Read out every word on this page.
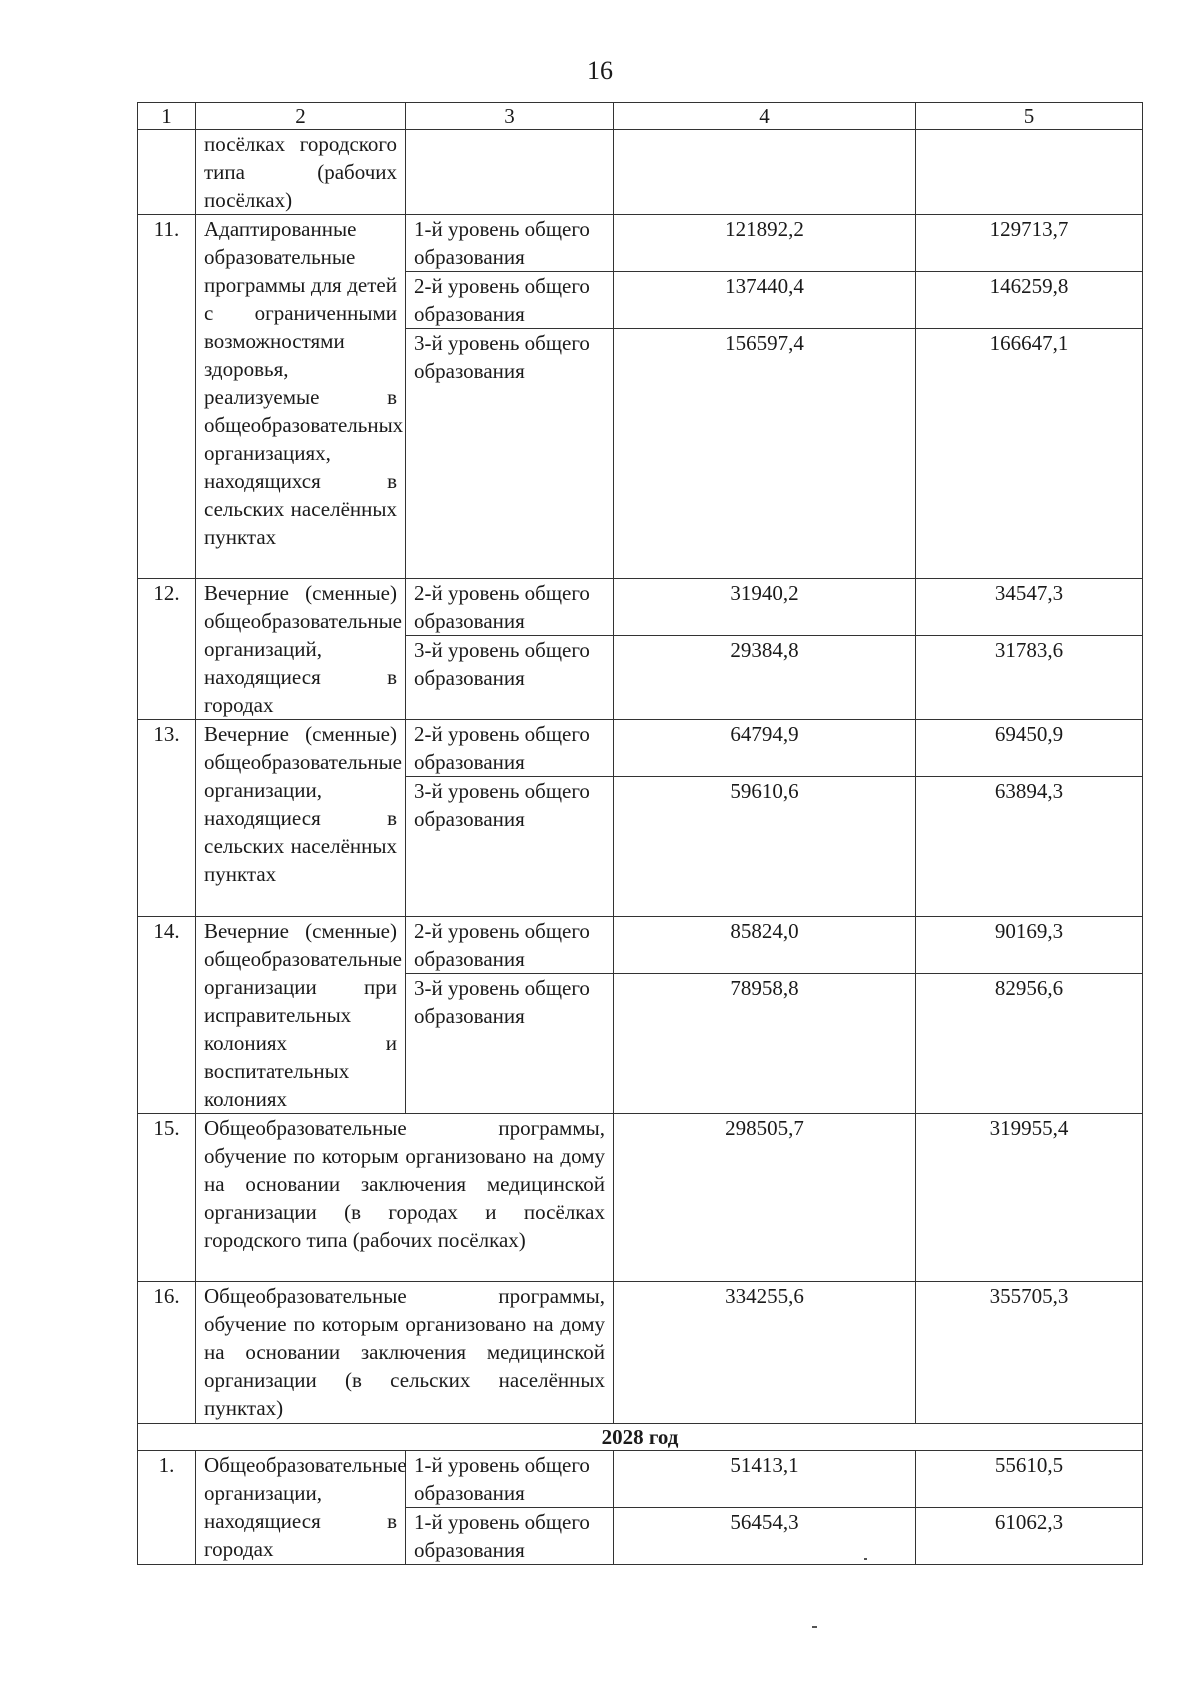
16
1	2	3	4	5
	посёлках городского типа (рабочих посёлках)			
11.	Адаптированные образовательные программы для детей с ограниченными возможностями здоровья, реализуемые в общеобразовательных организациях, находящихся в сельских населённых пунктах	1-й уровень общего образования	121892,2	129713,7
		2-й уровень общего образования	137440,4	146259,8
		3-й уровень общего образования	156597,4	166647,1
12.	Вечерние (сменные) общеобразовательные организаций, находящиеся в городах	2-й уровень общего образования	31940,2	34547,3
		3-й уровень общего образования	29384,8	31783,6
13.	Вечерние (сменные) общеобразовательные организации, находящиеся в сельских населённых пунктах	2-й уровень общего образования	64794,9	69450,9
		3-й уровень общего образования	59610,6	63894,3
14.	Вечерние (сменные) общеобразовательные организации при исправительных колониях и воспитательных колониях	2-й уровень общего образования	85824,0	90169,3
		3-й уровень общего образования	78958,8	82956,6
15.	Общеобразовательные программы, обучение по которым организовано на дому на основании заключения медицинской организации (в городах и посёлках городского типа (рабочих посёлках)		298505,7	319955,4
16.	Общеобразовательные программы, обучение по которым организовано на дому на основании заключения медицинской организации (в сельских населённых пунктах)		334255,6	355705,3
2028 год				
1.	Общеобразовательные организации, находящиеся в городах	1-й уровень общего образования	51413,1	55610,5
		1-й уровень общего образования	56454,3	61062,3
